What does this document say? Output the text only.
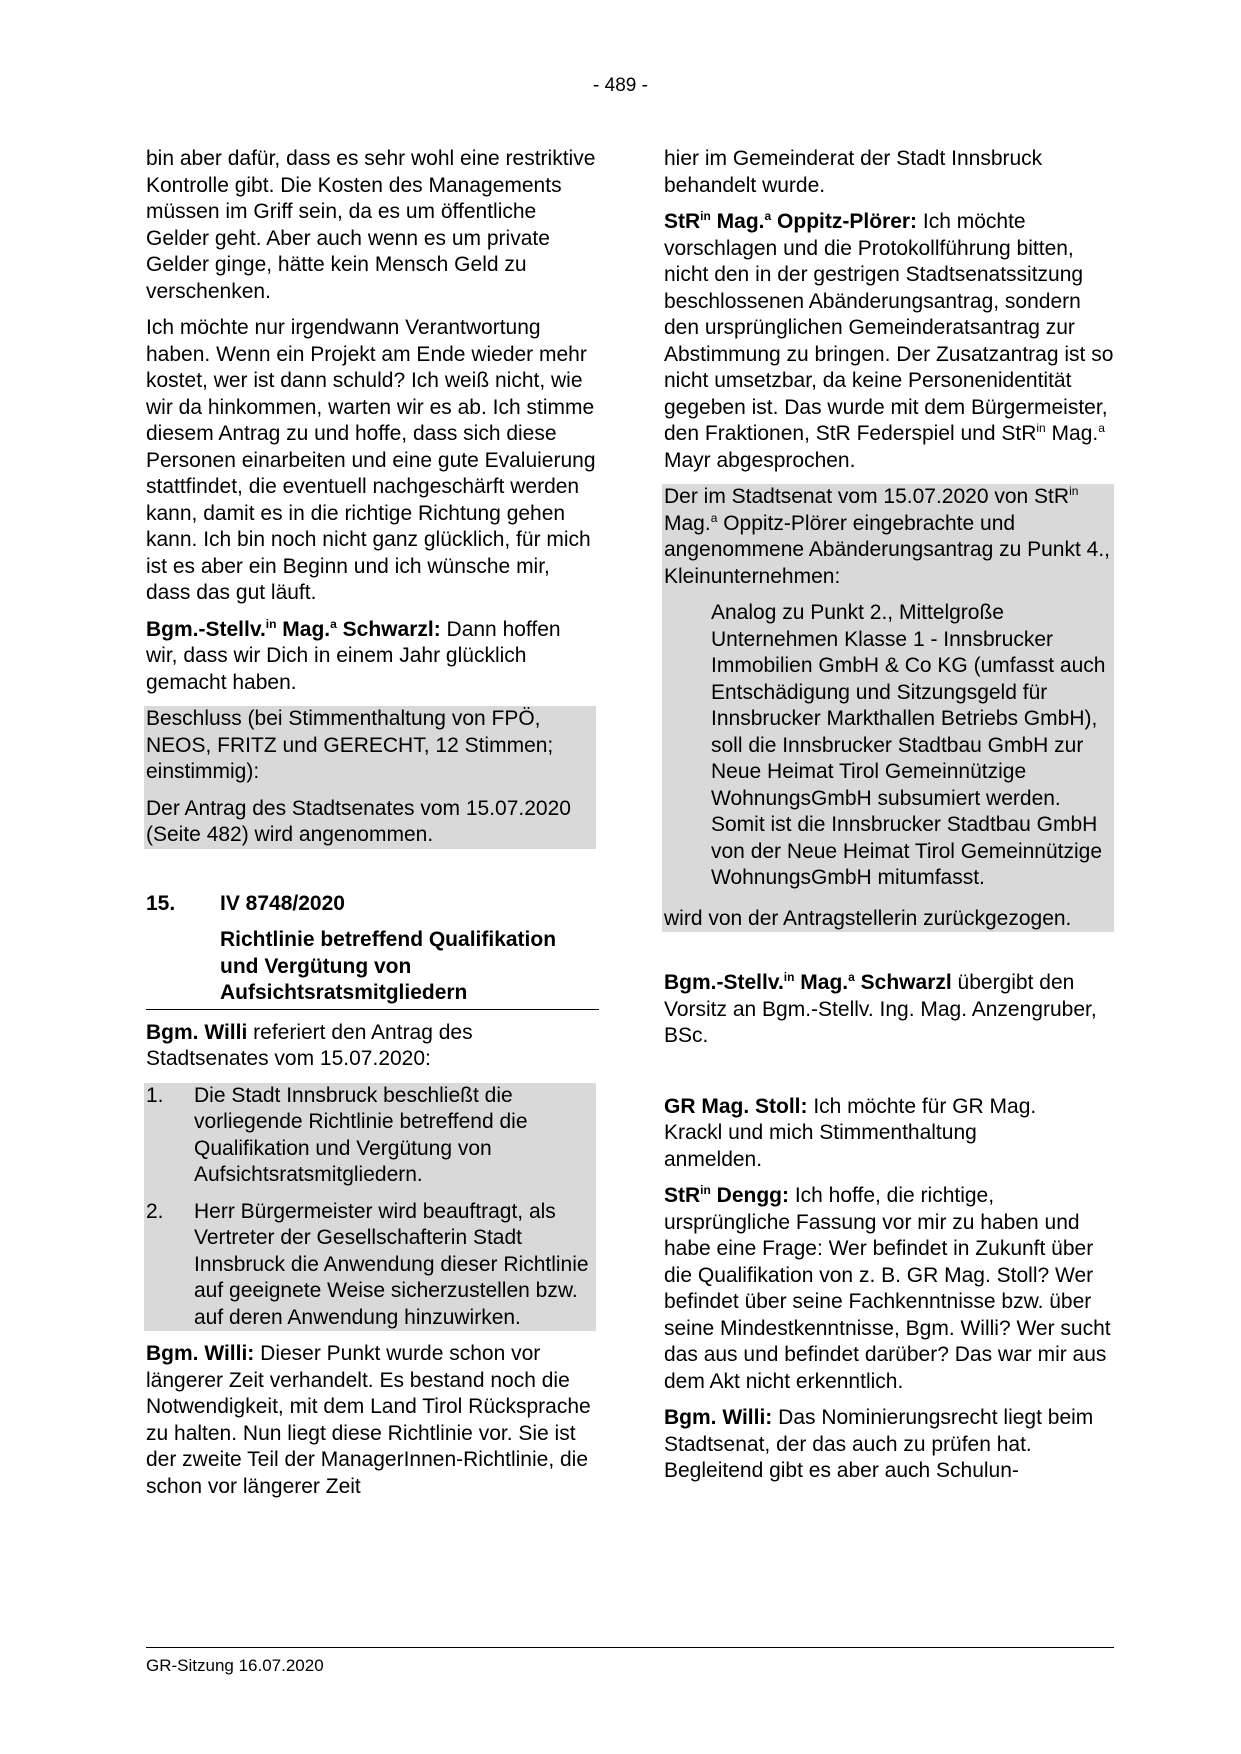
- 489 -

bin aber dafür, dass es sehr wohl eine restriktive Kontrolle gibt. Die Kosten des Managements müssen im Griff sein, da es um öffentliche Gelder geht. Aber auch wenn es um private Gelder ginge, hätte kein Mensch Geld zu verschenken.

Ich möchte nur irgendwann Verantwortung haben. Wenn ein Projekt am Ende wieder mehr kostet, wer ist dann schuld? Ich weiß nicht, wie wir da hinkommen, warten wir es ab. Ich stimme diesem Antrag zu und hoffe, dass sich diese Personen einarbeiten und eine gute Evaluierung stattfindet, die eventuell nachgeschärft werden kann, damit es in die richtige Richtung gehen kann. Ich bin noch nicht ganz glücklich, für mich ist es aber ein Beginn und ich wünsche mir, dass das gut läuft.

Bgm.-Stellv.$^{in}$ Mag.$^a$ Schwarzl: Dann hoffen wir, dass wir Dich in einem Jahr glücklich gemacht haben.

Beschluss (bei Stimmenthaltung von FPÖ, NEOS, FRITZ und GERECHT, 12 Stimmen; einstimmig):

Der Antrag des Stadtsenates vom 15.07.2020 (Seite 482) wird angenommen.

15.	IV 8748/2020
Richtlinie betreffend Qualifikation und Vergütung von Aufsichtsratsmitgliedern

Bgm. Willi referiert den Antrag des Stadtsenates vom 15.07.2020:

1.	Die Stadt Innsbruck beschließt die vorliegende Richtlinie betreffend die Qualifikation und Vergütung von Aufsichtsratsmitgliedern.
2.	Herr Bürgermeister wird beauftragt, als Vertreter der Gesellschafterin Stadt Innsbruck die Anwendung dieser Richtlinie auf geeignete Weise sicherzustellen bzw. auf deren Anwendung hinzuwirken.

Bgm. Willi: Dieser Punkt wurde schon vor längerer Zeit verhandelt. Es bestand noch die Notwendigkeit, mit dem Land Tirol Rücksprache zu halten. Nun liegt diese Richtlinie vor. Sie ist der zweite Teil der ManagerInnen-Richtlinie, die schon vor längerer Zeit

hier im Gemeinderat der Stadt Innsbruck behandelt wurde.

StR$^{in}$ Mag.$^a$ Oppitz-Plörer: Ich möchte vorschlagen und die Protokollführung bitten, nicht den in der gestrigen Stadtsenatssitzung beschlossenen Abänderungsantrag, sondern den ursprünglichen Gemeinderatsantrag zur Abstimmung zu bringen. Der Zusatzantrag ist so nicht umsetzbar, da keine Personenidentität gegeben ist. Das wurde mit dem Bürgermeister, den Fraktionen, StR Federspiel und StR$^{in}$ Mag.$^a$ Mayr abgesprochen.

Der im Stadtsenat vom 15.07.2020 von StR$^{in}$ Mag.$^a$ Oppitz-Plörer eingebrachte und angenommene Abänderungsantrag zu Punkt 4., Kleinunternehmen:

Analog zu Punkt 2., Mittelgroße Unternehmen Klasse 1 - Innsbrucker Immobilien GmbH & Co KG (umfasst auch Entschädigung und Sitzungsgeld für Innsbrucker Markthallen Betriebs GmbH), soll die Innsbrucker Stadtbau GmbH zur Neue Heimat Tirol Gemeinnützige WohnungsGmbH subsumiert werden. Somit ist die Innsbrucker Stadtbau GmbH von der Neue Heimat Tirol Gemeinnützige WohnungsGmbH mitumfasst.

wird von der Antragstellerin zurückgezogen.

Bgm.-Stellv.$^{in}$ Mag.$^a$ Schwarzl übergibt den Vorsitz an Bgm.-Stellv. Ing. Mag. Anzengruber, BSc.

GR Mag. Stoll: Ich möchte für GR Mag. Krackl und mich Stimmenthaltung anmelden.

StR$^{in}$ Dengg: Ich hoffe, die richtige, ursprüngliche Fassung vor mir zu haben und habe eine Frage: Wer befindet in Zukunft über die Qualifikation von z. B. GR Mag. Stoll? Wer befindet über seine Fachkenntnisse bzw. über seine Mindestkenntnisse, Bgm. Willi? Wer sucht das aus und befindet darüber? Das war mir aus dem Akt nicht erkenntlich.

Bgm. Willi: Das Nominierungsrecht liegt beim Stadtsenat, der das auch zu prüfen hat. Begleitend gibt es aber auch Schulun-

GR-Sitzung 16.07.2020
